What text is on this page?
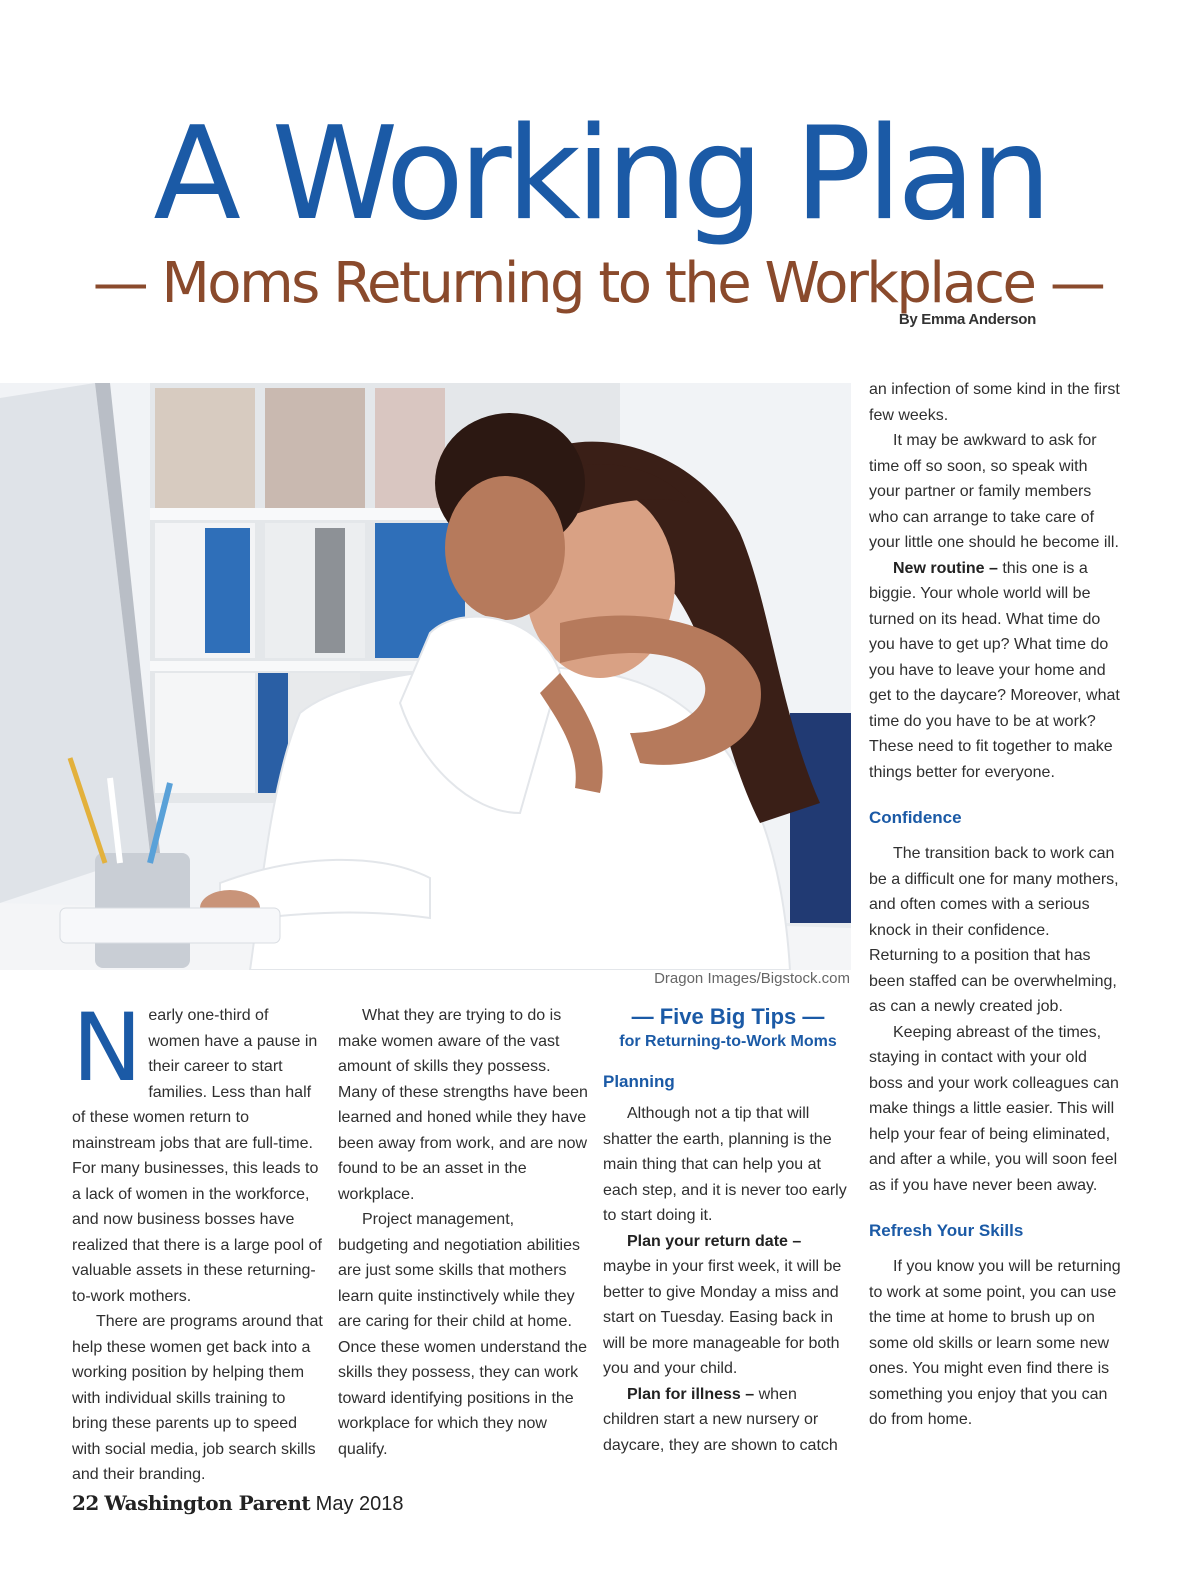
A Working Plan
— Moms Returning to the Workplace —
By Emma Anderson
Dragon Images/Bigstock.com

Nearly one-third of women have a pause in their career to start families. Less than half of these women return to mainstream jobs that are full-time. For many businesses, this leads to a lack of women in the workforce, and now business bosses have realized that there is a large pool of valuable assets in these returning-to-work mothers.

There are programs around that help these women get back into a working position by helping them with individual skills training to bring these parents up to speed with social media, job search skills and their branding.

What they are trying to do is make women aware of the vast amount of skills they possess. Many of these strengths have been learned and honed while they have been away from work, and are now found to be an asset in the workplace.

Project management, budgeting and negotiation abilities are just some skills that mothers learn quite instinctively while they are caring for their child at home. Once these women understand the skills they possess, they can work toward identifying positions in the workplace for which they now qualify.

— Five Big Tips —
for Returning-to-Work Moms
Planning

Although not a tip that will shatter the earth, planning is the main thing that can help you at each step, and it is never too early to start doing it.

Plan your return date – maybe in your first week, it will be better to give Monday a miss and start on Tuesday. Easing back in will be more manageable for both you and your child.

Plan for illness – when children start a new nursery or daycare, they are shown to catch

an infection of some kind in the first few weeks.

It may be awkward to ask for time off so soon, so speak with your partner or family members who can arrange to take care of your little one should he become ill.

New routine – this one is a biggie. Your whole world will be turned on its head. What time do you have to get up? What time do you have to leave your home and get to the daycare? Moreover, what time do you have to be at work? These need to fit together to make things better for everyone.

Confidence

The transition back to work can be a difficult one for many mothers, and often comes with a serious knock in their confidence. Returning to a position that has been staffed can be overwhelming, as can a newly created job.

Keeping abreast of the times, staying in contact with your old boss and your work colleagues can make things a little easier. This will help your fear of being eliminated, and after a while, you will soon feel as if you have never been away.

Refresh Your Skills

If you know you will be returning to work at some point, you can use the time at home to brush up on some old skills or learn some new ones. You might even find there is something you enjoy that you can do from home.

22 Washington Parent May 2018
